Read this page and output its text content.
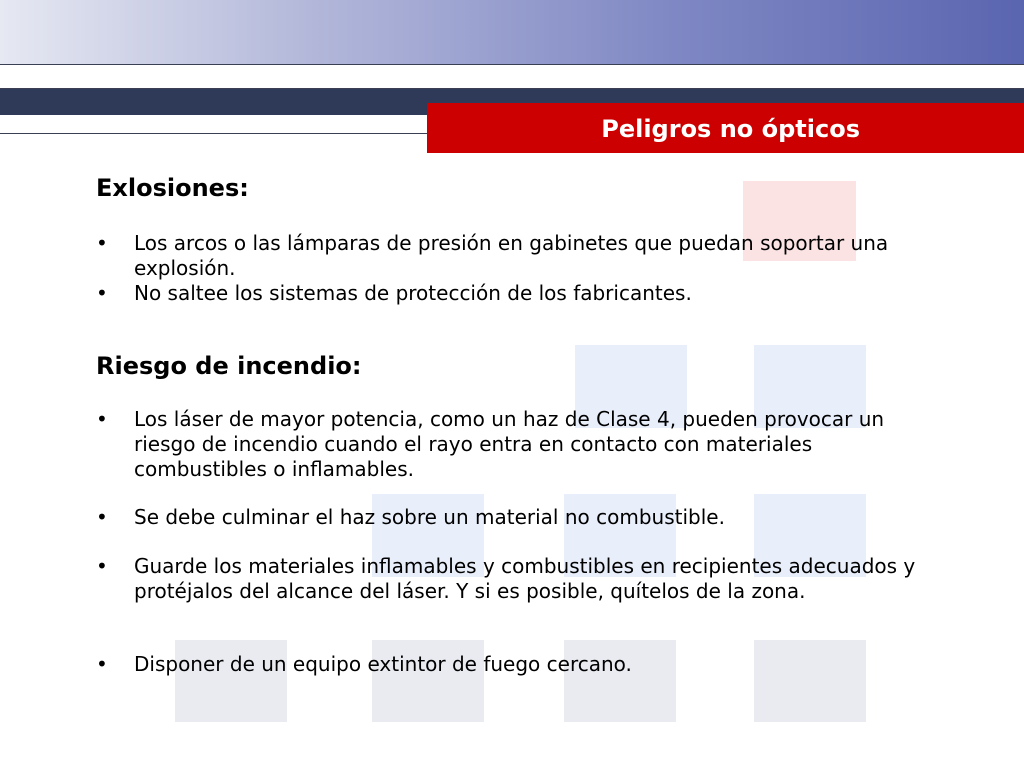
Peligros no ópticos
Exlosiones:
•	Los arcos o las lámparas de presión en gabinetes que puedan soportar una explosión.
•	No saltee los sistemas de protección de los fabricantes.
Riesgo de incendio:
•	Los láser de mayor potencia, como un haz de Clase 4, pueden provocar un riesgo de incendio cuando el rayo entra en contacto con materiales combustibles o inflamables.
•	Se debe culminar el haz sobre un material no combustible.
•	Guarde los materiales inflamables y combustibles en recipientes adecuados y protéjalos del alcance del láser. Y si es posible, quítelos de la zona.
•	Disponer de un equipo extintor de fuego cercano.
